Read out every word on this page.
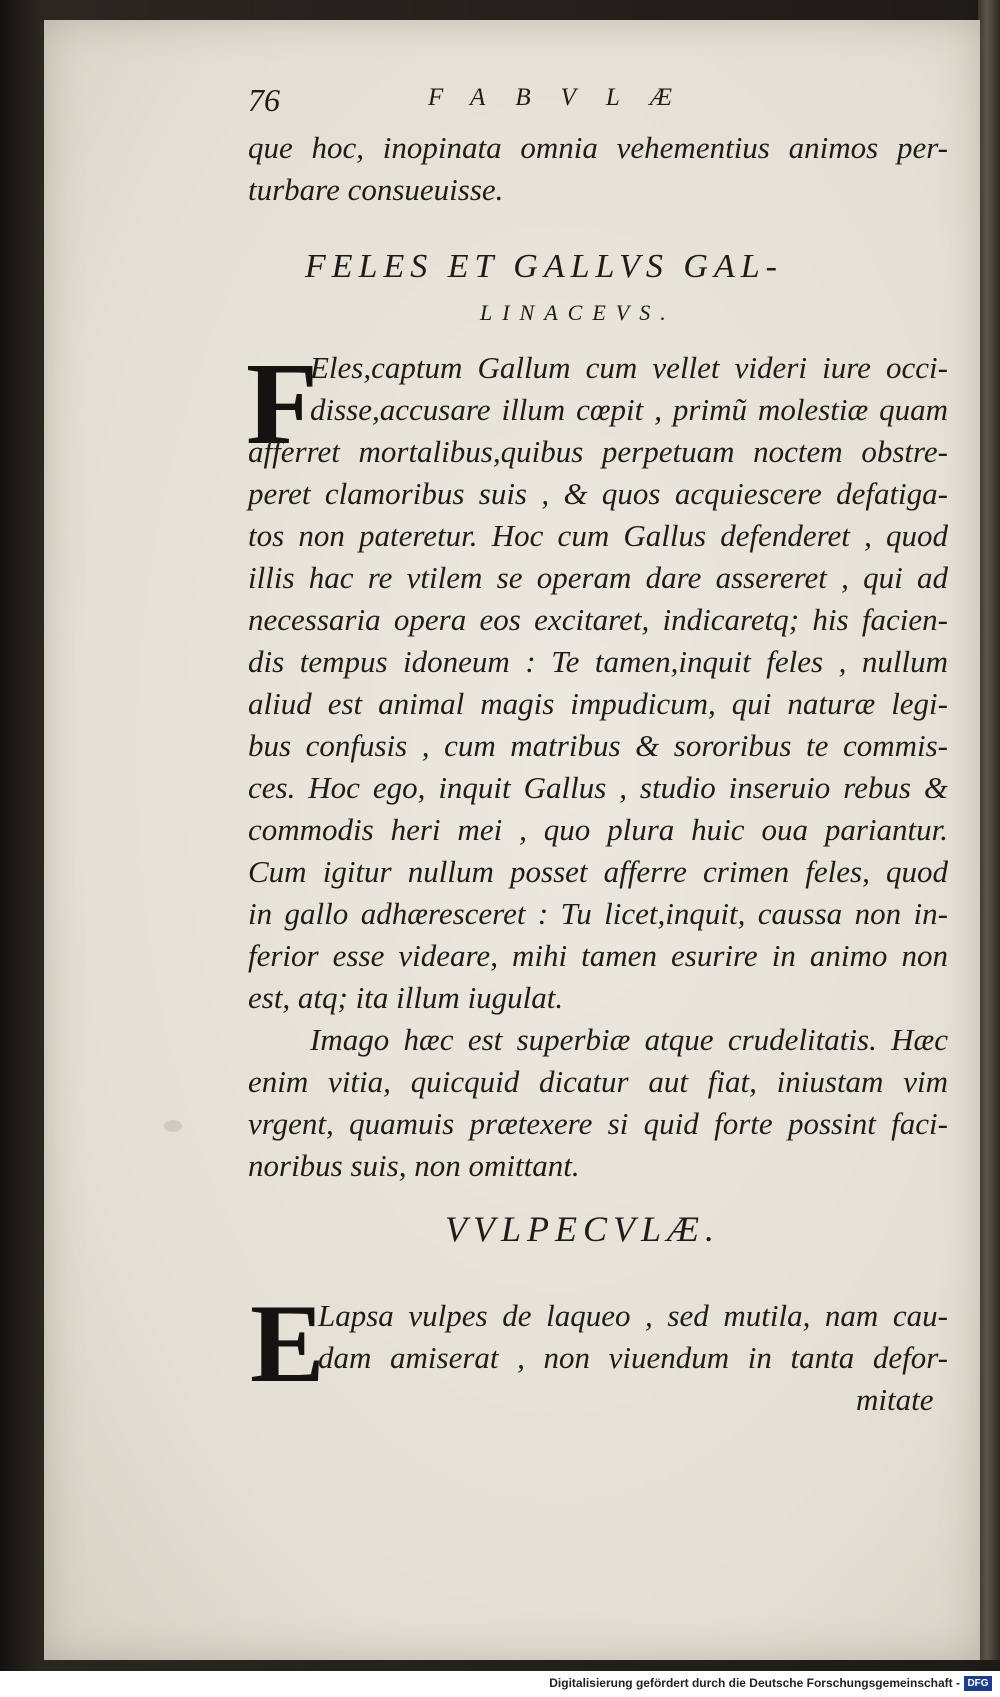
76	FABVLÆ
que hoc, inopinata omnia vehementius animos per-
turbare consueuisse.
FELES ET GALLVS GAL-
LINACEVS.
F
Eles,captum Gallum cum vellet videri iure occi-
disse,accusare illum cœpit , primũ molestiæ quam
afferret mortalibus,quibus perpetuam noctem obstre-
peret clamoribus suis , & quos acquiescere defatiga-
tos non pateretur. Hoc cum Gallus defenderet , quod
illis hac re vtilem se operam dare assereret , qui ad
necessaria opera eos excitaret, indicaretq; his facien-
dis tempus idoneum : Te tamen,inquit feles , nullum
aliud est animal magis impudicum, qui naturæ legi-
bus confusis , cum matribus & sororibus te commis-
ces. Hoc ego, inquit Gallus , studio inseruio rebus &
commodis heri mei , quo plura huic oua pariantur.
Cum igitur nullum posset afferre crimen feles, quod
in gallo adhæresceret : Tu licet,inquit, caussa non in-
ferior esse videare, mihi tamen esurire in animo non
est, atq; ita illum iugulat.
Imago hæc est superbiæ atque crudelitatis. Hæc
enim vitia, quicquid dicatur aut fiat, iniustam vim
vrgent, quamuis prætexere si quid forte possint faci-
noribus suis, non omittant.
VVLPECVLÆ.
E
Lapsa vulpes de laqueo , sed mutila, nam cau-
dam amiserat , non viuendum in tanta defor-
mitate
Digitalisierung gefördert durch die Deutsche Forschungsgemeinschaft - DFG
